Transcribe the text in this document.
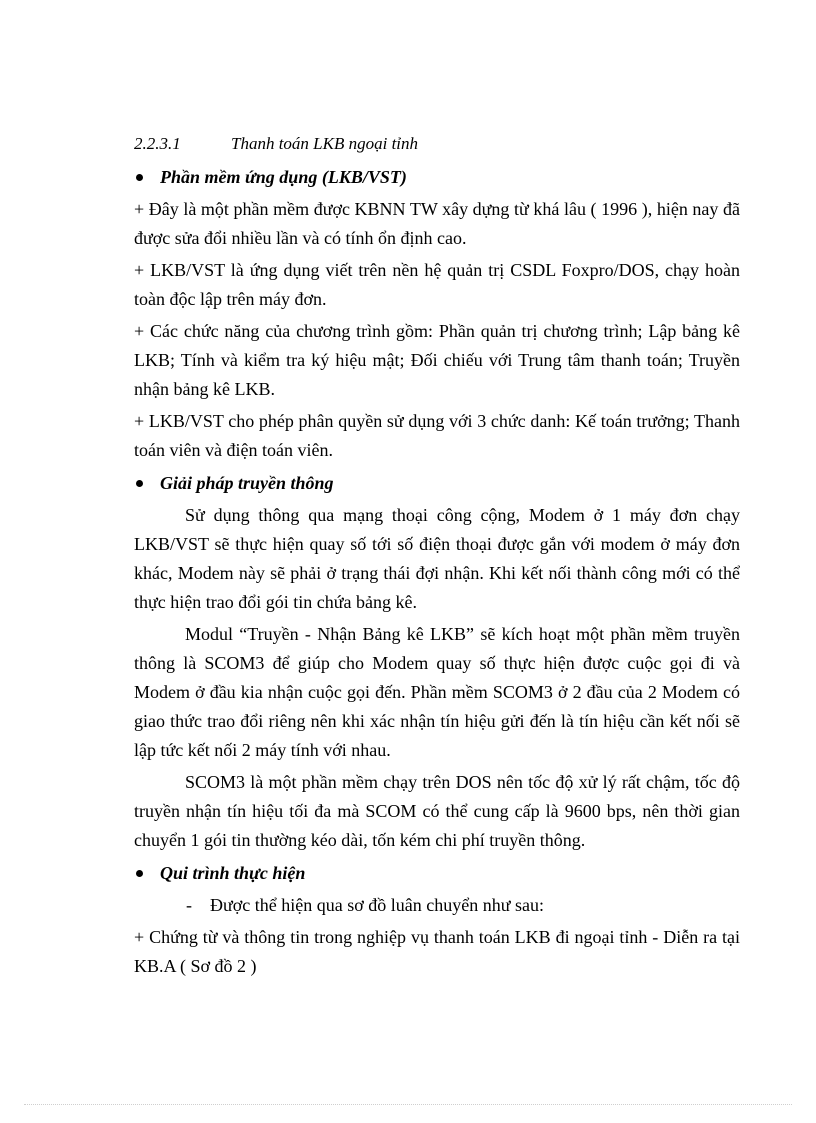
2.2.3.1	Thanh toán LKB ngoại tỉnh
Phần mềm ứng dụng (LKB/VST)

+ Đây là một phần mềm được KBNN TW xây dựng từ khá lâu ( 1996 ), hiện nay đã được sửa đổi nhiều lần và có tính ổn định cao.

+ LKB/VST là ứng dụng viết trên nền hệ quản trị CSDL Foxpro/DOS, chạy hoàn toàn độc lập trên máy đơn.

+ Các chức năng của chương trình gồm: Phần quản trị chương trình; Lập bảng kê LKB; Tính và kiểm tra ký hiệu mật; Đối chiếu với Trung tâm thanh toán; Truyền nhận bảng kê LKB.

+ LKB/VST cho phép phân quyền sử dụng với 3 chức danh: Kế toán trưởng; Thanh toán viên và điện toán viên.

Giải pháp truyền thông

Sử dụng thông qua mạng thoại công cộng, Modem ở 1 máy đơn chạy LKB/VST sẽ thực hiện quay số tới số điện thoại được gắn với modem ở máy đơn khác, Modem này sẽ phải ở trạng thái đợi nhận. Khi kết nối thành công mới có thể thực hiện trao đổi gói tin chứa bảng kê.

Modul “Truyền - Nhận Bảng kê LKB” sẽ kích hoạt một phần mềm truyền thông là SCOM3 để giúp cho Modem quay số thực hiện được cuộc gọi đi và Modem ở đầu kia nhận cuộc gọi đến. Phần mềm SCOM3 ở 2 đầu của 2 Modem có giao thức trao đổi riêng nên khi xác nhận tín hiệu gửi đến là tín hiệu cần kết nối sẽ lập tức kết nối 2 máy tính với nhau.

SCOM3 là một phần mềm chạy trên DOS nên tốc độ xử lý rất chậm, tốc độ truyền nhận tín hiệu tối đa mà SCOM có thể cung cấp là 9600 bps, nên thời gian chuyển 1 gói tin thường kéo dài, tốn kém chi phí truyền thông.

Qui trình thực hiện
- Được thể hiện qua sơ đồ luân chuyển như sau:

+ Chứng từ và thông tin trong nghiệp vụ thanh toán LKB đi ngoại tỉnh - Diễn ra tại KB.A ( Sơ đồ 2 )
